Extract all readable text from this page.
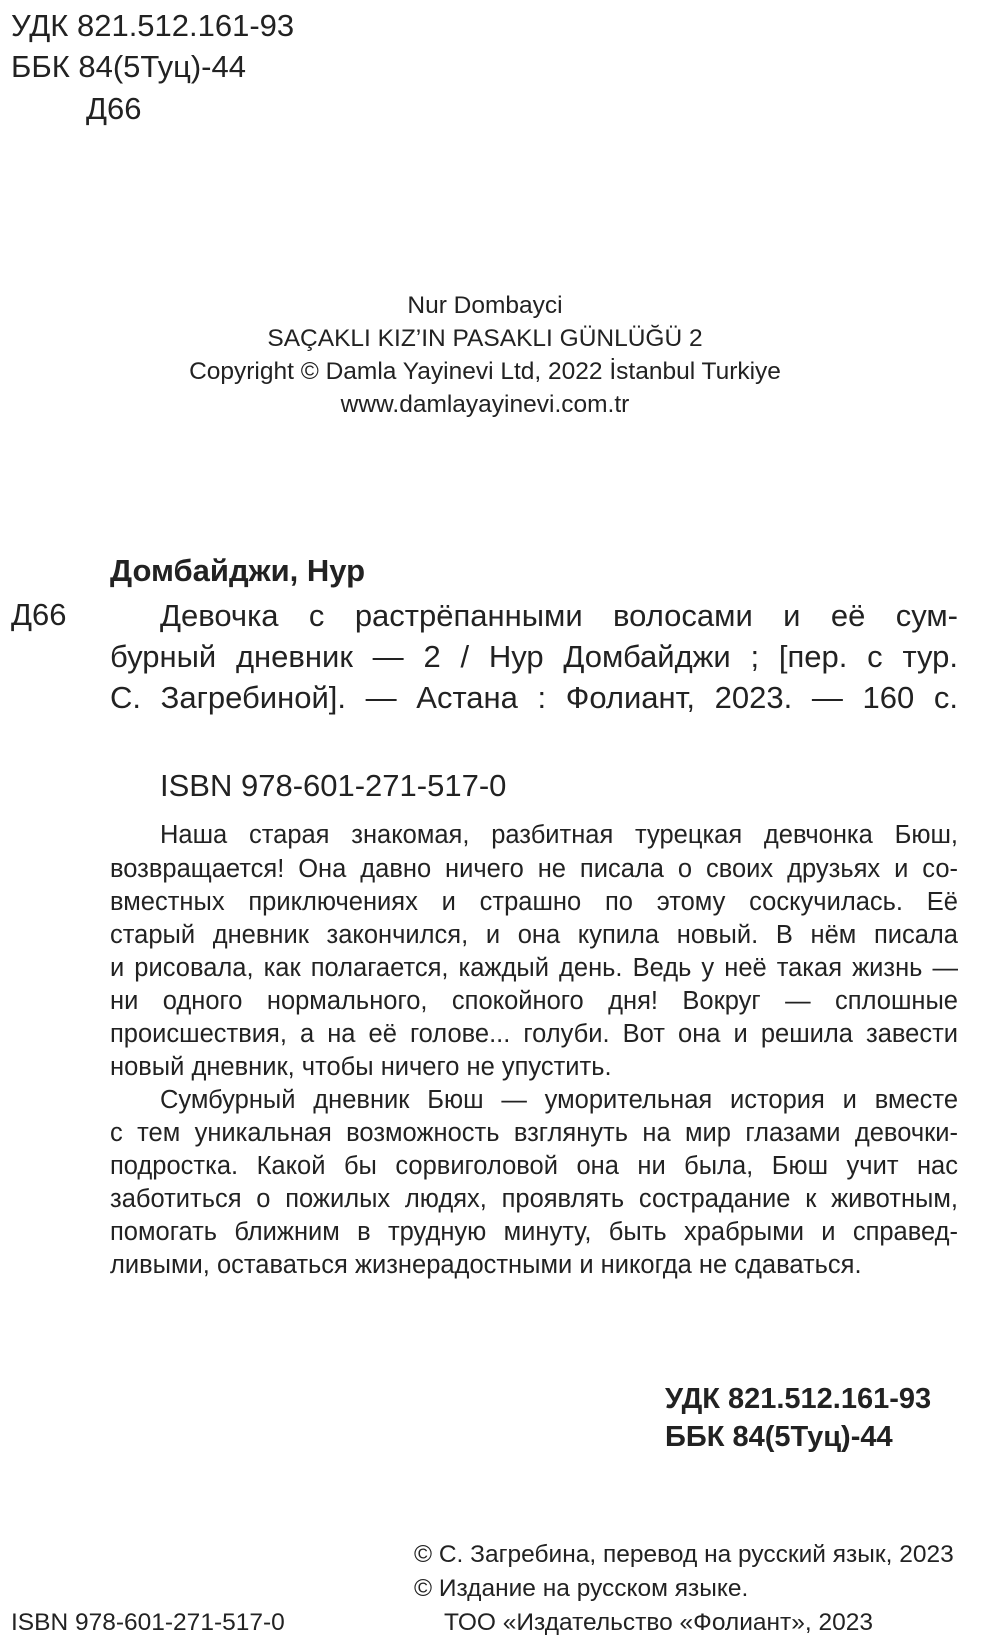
УДК 821.512.161-93
ББК 84(5Туц)-44
Д66
Nur Dombayci
SAÇAKLI KIZ’IN PASAKLI GÜNLÜĞÜ 2
Copyright © Damla Yayinevi Ltd, 2022 İstanbul Turkiye
www.damlayayinevi.com.tr
Домбайджи, Нур
Д66	Девочка с растрёпанными волосами и её сум-
бурный дневник — 2 / Нур Домбайджи ; [пер. с тур.
С. Загребиной]. — Астана : Фолиант, 2023. — 160 с.
ISBN 978-601-271-517-0
Наша старая знакомая, разбитная турецкая девчонка Бюш,
возвращается! Она давно ничего не писала о своих друзьях и со-
вместных приключениях и страшно по этому соскучилась. Её
старый дневник закончился, и она купила новый. В нём писала
и рисовала, как полагается, каждый день. Ведь у неё такая жизнь —
ни одного нормального, спокойного дня! Вокруг — сплошные
происшествия, а на её голове... голуби. Вот она и решила завести
новый дневник, чтобы ничего не упустить.
Сумбурный дневник Бюш — уморительная история и вместе
с тем уникальная возможность взглянуть на мир глазами девочки-
подростка. Какой бы сорвиголовой она ни была, Бюш учит нас
заботиться о пожилых людях, проявлять сострадание к животным,
помогать ближним в трудную минуту, быть храбрыми и справед-
ливыми, оставаться жизнерадостными и никогда не сдаваться.
УДК 821.512.161-93
ББК 84(5Туц)-44
© С. Загребина, перевод на русский язык, 2023
© Издание на русском языке.
ТОО «Издательство «Фолиант», 2023
ISBN 978-601-271-517-0
